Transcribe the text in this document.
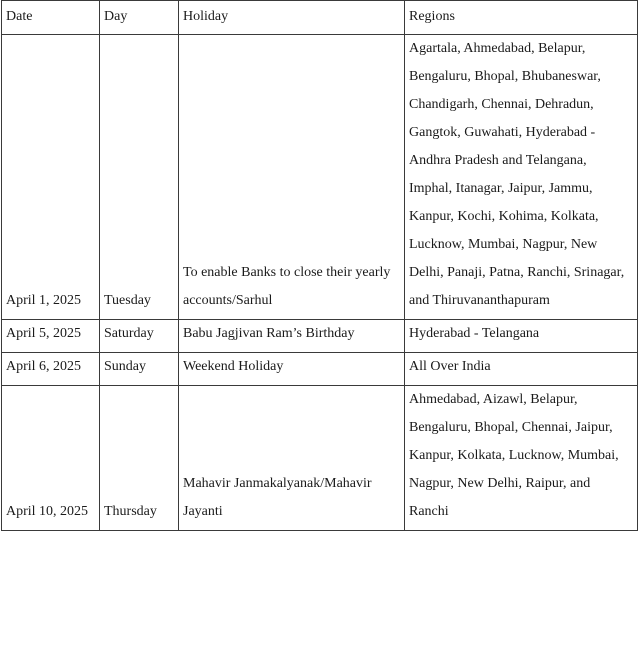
Date	Day	Holiday	Regions
April 1, 2025	Tuesday	To enable Banks to close their yearly accounts/Sarhul	Agartala, Ahmedabad, Belapur, Bengaluru, Bhopal, Bhubaneswar, Chandigarh, Chennai, Dehradun, Gangtok, Guwahati, Hyderabad - Andhra Pradesh and Telangana, Imphal, Itanagar, Jaipur, Jammu, Kanpur, Kochi, Kohima, Kolkata, Lucknow, Mumbai, Nagpur, New Delhi, Panaji, Patna, Ranchi, Srinagar, and Thiruvananthapuram
April 5, 2025	Saturday	Babu Jagjivan Ram’s Birthday	Hyderabad - Telangana
April 6, 2025	Sunday	Weekend Holiday	All Over India
April 10, 2025	Thursday	Mahavir Janmakalyanak/Mahavir Jayanti	Ahmedabad, Aizawl, Belapur, Bengaluru, Bhopal, Chennai, Jaipur, Kanpur, Kolkata, Lucknow, Mumbai, Nagpur, New Delhi, Raipur, and Ranchi
